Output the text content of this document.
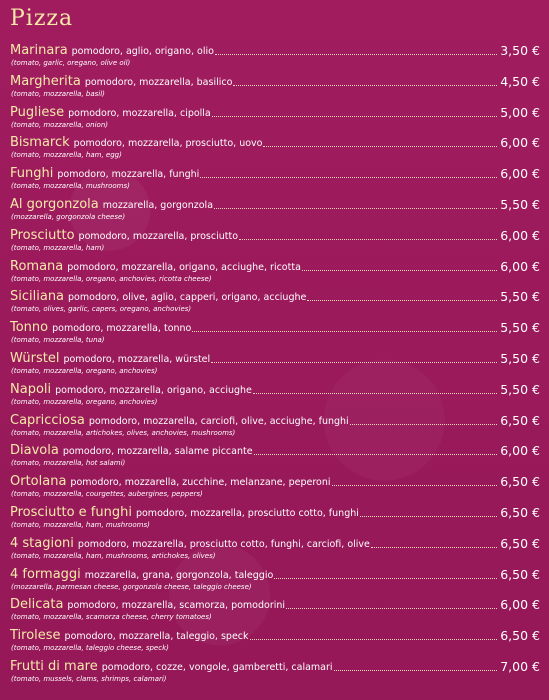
Pizza
Marinara pomodoro, aglio, origano, olio	3,50 €
(tomato, garlic, oregano, olive oil)
Margherita pomodoro, mozzarella, basilico	4,50 €
(tomato, mozzarella, basil)
Pugliese pomodoro, mozzarella, cipolla	5,00 €
(tomato, mozzarella, onion)
Bismarck pomodoro, mozzarella, prosciutto, uovo	6,00 €
(tomato, mozzarella, ham, egg)
Funghi pomodoro, mozzarella, funghi	6,00 €
(tomato, mozzarella, mushrooms)
Al gorgonzola mozzarella, gorgonzola	5,50 €
(mozzarella, gorgonzola cheese)
Prosciutto pomodoro, mozzarella, prosciutto	6,00 €
(tomato, mozzarella, ham)
Romana pomodoro, mozzarella, origano, acciughe, ricotta	6,00 €
(tomato, mozzarella, oregano, anchovies, ricotta cheese)
Siciliana pomodoro, olive, aglio, capperi, origano, acciughe	5,50 €
(tomato, olives, garlic, capers, oregano, anchovies)
Tonno pomodoro, mozzarella, tonno	5,50 €
(tomato, mozzarella, tuna)
Würstel pomodoro, mozzarella, würstel	5,50 €
(tomato, mozzarella, oregano, anchovies)
Napoli pomodoro, mozzarella, origano, acciughe	5,50 €
(tomato, mozzarella, oregano, anchovies)
Capricciosa pomodoro, mozzarella, carciofi, olive, acciughe, funghi	6,50 €
(tomato, mozzarella, artichokes, olives, anchovies, mushrooms)
Diavola pomodoro, mozzarella, salame piccante	6,00 €
(tomato, mozzarella, hot salami)
Ortolana pomodoro, mozzarella, zucchine, melanzane, peperoni	6,50 €
(tomato, mozzarella, courgettes, aubergines, peppers)
Prosciutto e funghi pomodoro, mozzarella, prosciutto cotto, funghi	6,50 €
(tomato, mozzarella, ham, mushrooms)
4 stagioni pomodoro, mozzarella, prosciutto cotto, funghi, carciofi, olive	6,50 €
(tomato, mozzarella, ham, mushrooms, artichokes, olives)
4 formaggi mozzarella, grana, gorgonzola, taleggio	6,50 €
(mozzarella, parmesan cheese, gorgonzola cheese, taleggio cheese)
Delicata pomodoro, mozzarella, scamorza, pomodorini	6,00 €
(tomato, mozzarella, scamorza cheese, cherry tomatoes)
Tirolese pomodoro, mozzarella, taleggio, speck	6,50 €
(tomato, mozzarella, taleggio cheese, speck)
Frutti di mare pomodoro, cozze, vongole, gamberetti, calamari	7,00 €
(tomato, mussels, clams, shrimps, calamari)
